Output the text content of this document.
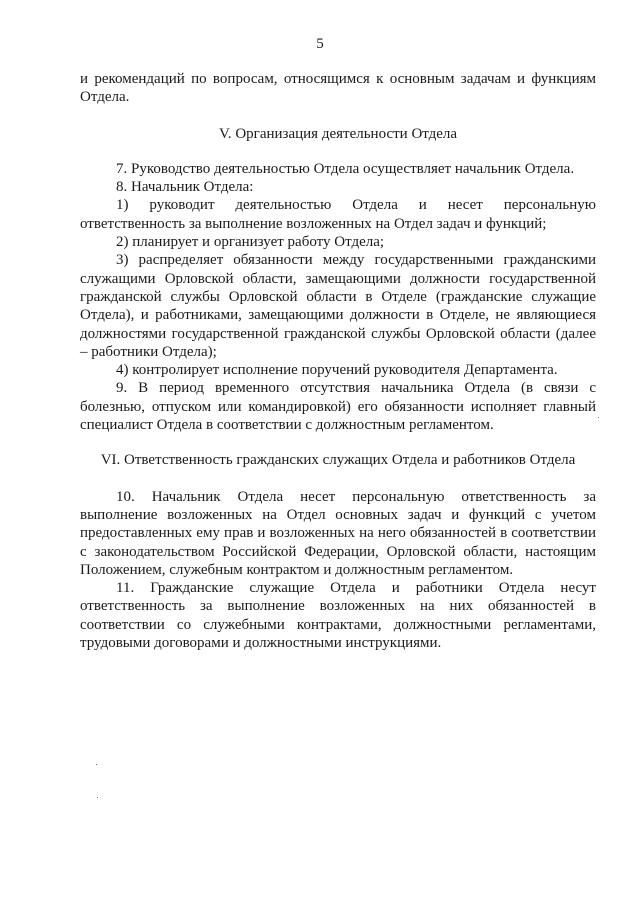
5

и рекомендаций по вопросам, относящимся к основным задачам и функциям Отдела.

V. Организация деятельности Отдела

7. Руководство деятельностью Отдела осуществляет начальник Отдела.

8. Начальник Отдела:

1) руководит деятельностью Отдела и несет персональную ответственность за выполнение возложенных на Отдел задач и функций;

2) планирует и организует работу Отдела;

3) распределяет обязанности между государственными гражданскими служащими Орловской области, замещающими должности государственной гражданской службы Орловской области в Отделе (гражданские служащие Отдела), и работниками, замещающими должности в Отделе, не являющиеся должностями государственной гражданской службы Орловской области (далее – работники Отдела);

4) контролирует исполнение поручений руководителя Департамента.

9. В период временного отсутствия начальника Отдела (в связи с болезнью, отпуском или командировкой) его обязанности исполняет главный специалист Отдела в соответствии с должностным регламентом.

VI. Ответственность гражданских служащих Отдела и работников Отдела

10. Начальник Отдела несет персональную ответственность за выполнение возложенных на Отдел основных задач и функций с учетом предоставленных ему прав и возложенных на него обязанностей в соответствии с законодательством Российской Федерации, Орловской области, настоящим Положением, служебным контрактом и должностным регламентом.

11. Гражданские служащие Отдела и работники Отдела несут ответственность за выполнение возложенных на них обязанностей в соответствии со служебными контрактами, должностными регламентами, трудовыми договорами и должностными инструкциями.
